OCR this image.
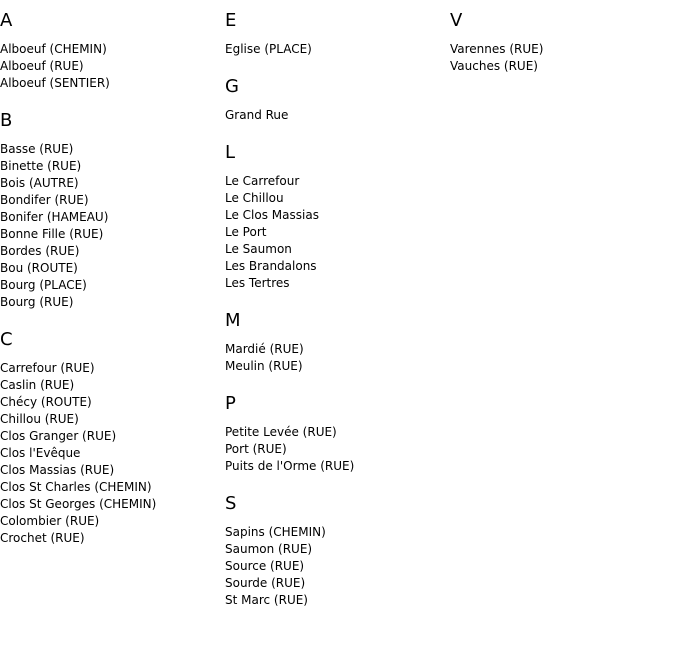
A
Alboeuf (CHEMIN)
Alboeuf (RUE)
Alboeuf (SENTIER)
B
Basse (RUE)
Binette (RUE)
Bois (AUTRE)
Bondifer (RUE)
Bonifer (HAMEAU)
Bonne Fille (RUE)
Bordes (RUE)
Bou (ROUTE)
Bourg (PLACE)
Bourg (RUE)
C
Carrefour (RUE)
Caslin (RUE)
Chécy (ROUTE)
Chillou (RUE)
Clos Granger (RUE)
Clos l'Evêque
Clos Massias (RUE)
Clos St Charles (CHEMIN)
Clos St Georges (CHEMIN)
Colombier (RUE)
Crochet (RUE)
E
Eglise (PLACE)
G
Grand Rue
L
Le Carrefour
Le Chillou
Le Clos Massias
Le Port
Le Saumon
Les Brandalons
Les Tertres
M
Mardié (RUE)
Meulin (RUE)
P
Petite Levée (RUE)
Port (RUE)
Puits de l'Orme (RUE)
S
Sapins (CHEMIN)
Saumon (RUE)
Source (RUE)
Sourde (RUE)
St Marc (RUE)
V
Varennes (RUE)
Vauches (RUE)
